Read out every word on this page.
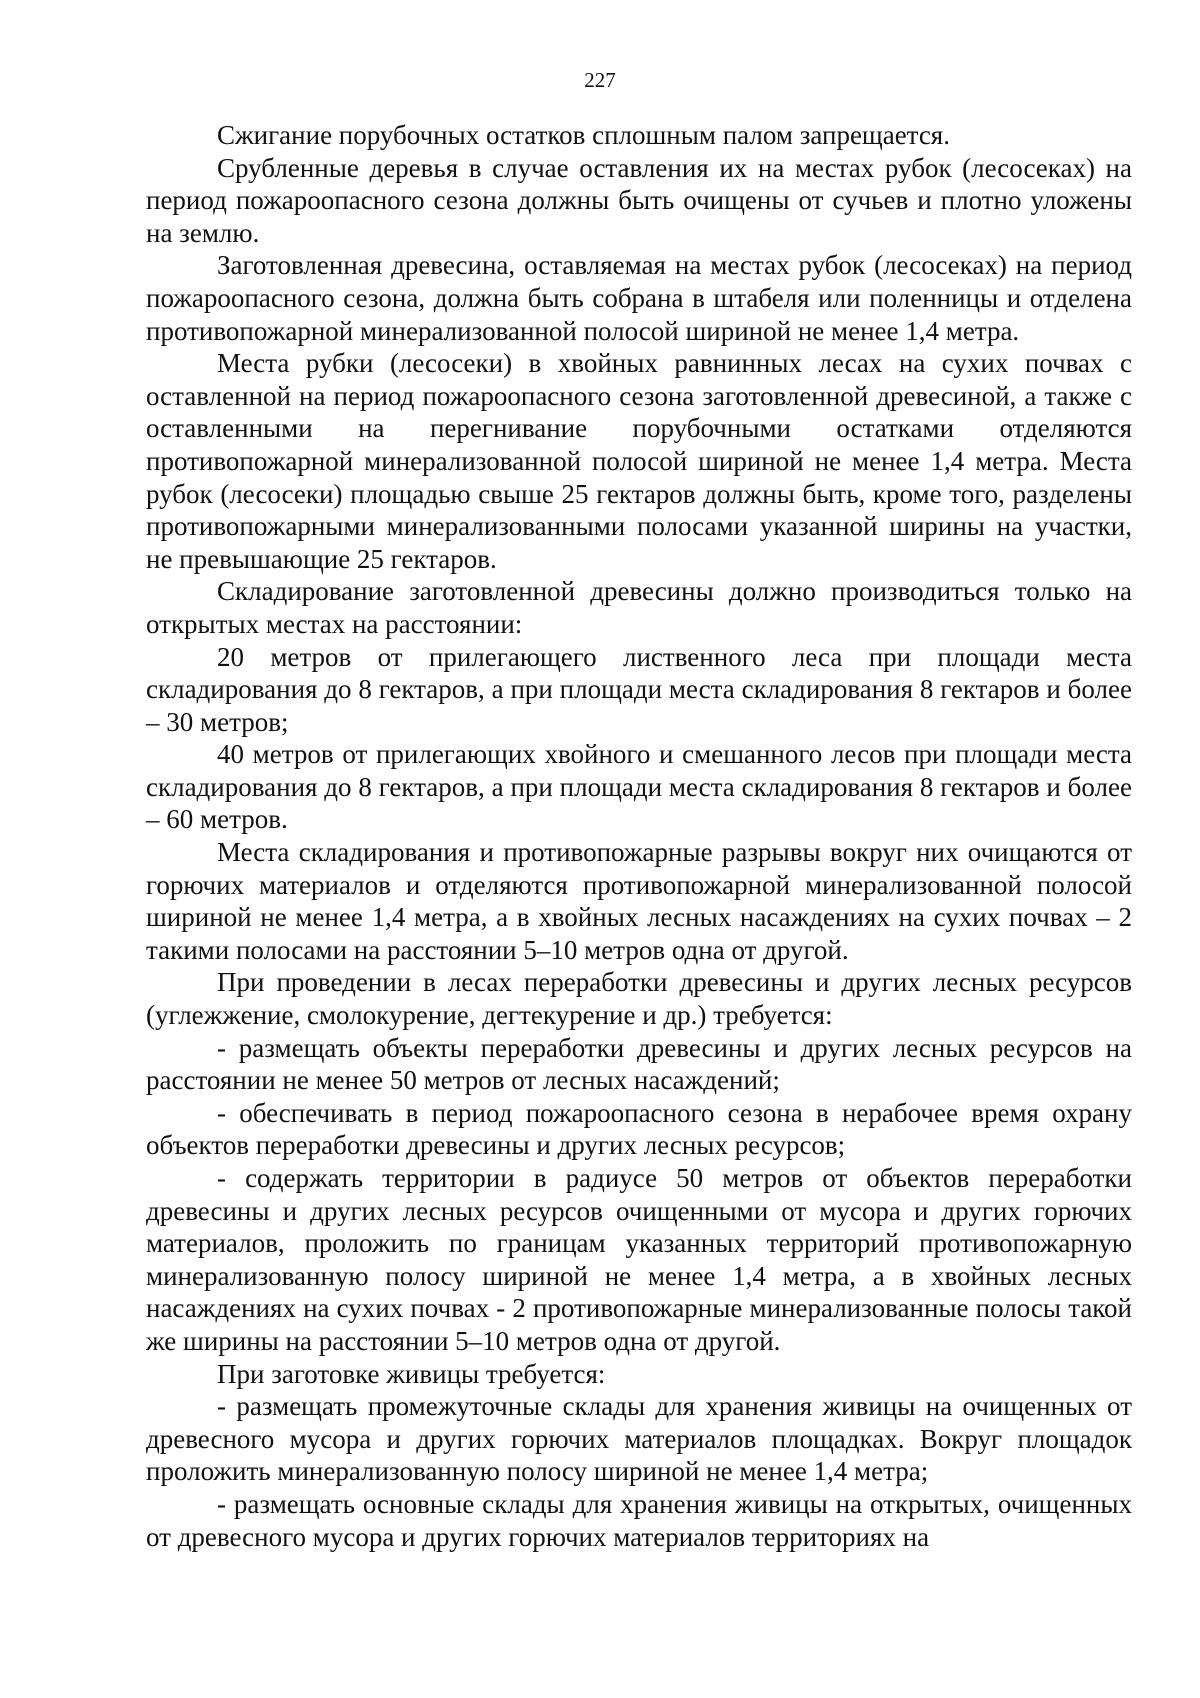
227

Сжигание порубочных остатков сплошным палом запрещается.

Срубленные деревья в случае оставления их на местах рубок (лесосеках) на период пожароопасного сезона должны быть очищены от сучьев и плотно уложены на землю.

Заготовленная древесина, оставляемая на местах рубок (лесосеках) на период пожароопасного сезона, должна быть собрана в штабеля или поленницы и отделена противопожарной минерализованной полосой шириной не менее 1,4 метра.

Места рубки (лесосеки) в хвойных равнинных лесах на сухих почвах с оставленной на период пожароопасного сезона заготовленной древесиной, а также с оставленными на перегнивание порубочными остатками отделяются противопожарной минерализованной полосой шириной не менее 1,4 метра. Места рубок (лесосеки) площадью свыше 25 гектаров должны быть, кроме того, разделены противопожарными минерализованными полосами указанной ширины на участки, не превышающие 25 гектаров.

Складирование заготовленной древесины должно производиться только на открытых местах на расстоянии:

20 метров от прилегающего лиственного леса при площади места складирования до 8 гектаров, а при площади места складирования 8 гектаров и более – 30 метров;

40 метров от прилегающих хвойного и смешанного лесов при площади места складирования до 8 гектаров, а при площади места складирования 8 гектаров и более – 60 метров.

Места складирования и противопожарные разрывы вокруг них очищаются от горючих материалов и отделяются противопожарной минерализованной полосой шириной не менее 1,4 метра, а в хвойных лесных насаждениях на сухих почвах – 2 такими полосами на расстоянии 5–10 метров одна от другой.

При проведении в лесах переработки древесины и других лесных ресурсов (углежжение, смолокурение, дегтекурение и др.) требуется:

- размещать объекты переработки древесины и других лесных ресурсов на расстоянии не менее 50 метров от лесных насаждений;

- обеспечивать в период пожароопасного сезона в нерабочее время охрану объектов переработки древесины и других лесных ресурсов;

- содержать территории в радиусе 50 метров от объектов переработки древесины и других лесных ресурсов очищенными от мусора и других горючих материалов, проложить по границам указанных территорий противопожарную минерализованную полосу шириной не менее 1,4 метра, а в хвойных лесных насаждениях на сухих почвах - 2 противопожарные минерализованные полосы такой же ширины на расстоянии 5–10 метров одна от другой.

При заготовке живицы требуется:

- размещать промежуточные склады для хранения живицы на очищенных от древесного мусора и других горючих материалов площадках. Вокруг площадок проложить минерализованную полосу шириной не менее 1,4 метра;

- размещать основные склады для хранения живицы на открытых, очищенных от древесного мусора и других горючих материалов территориях на
